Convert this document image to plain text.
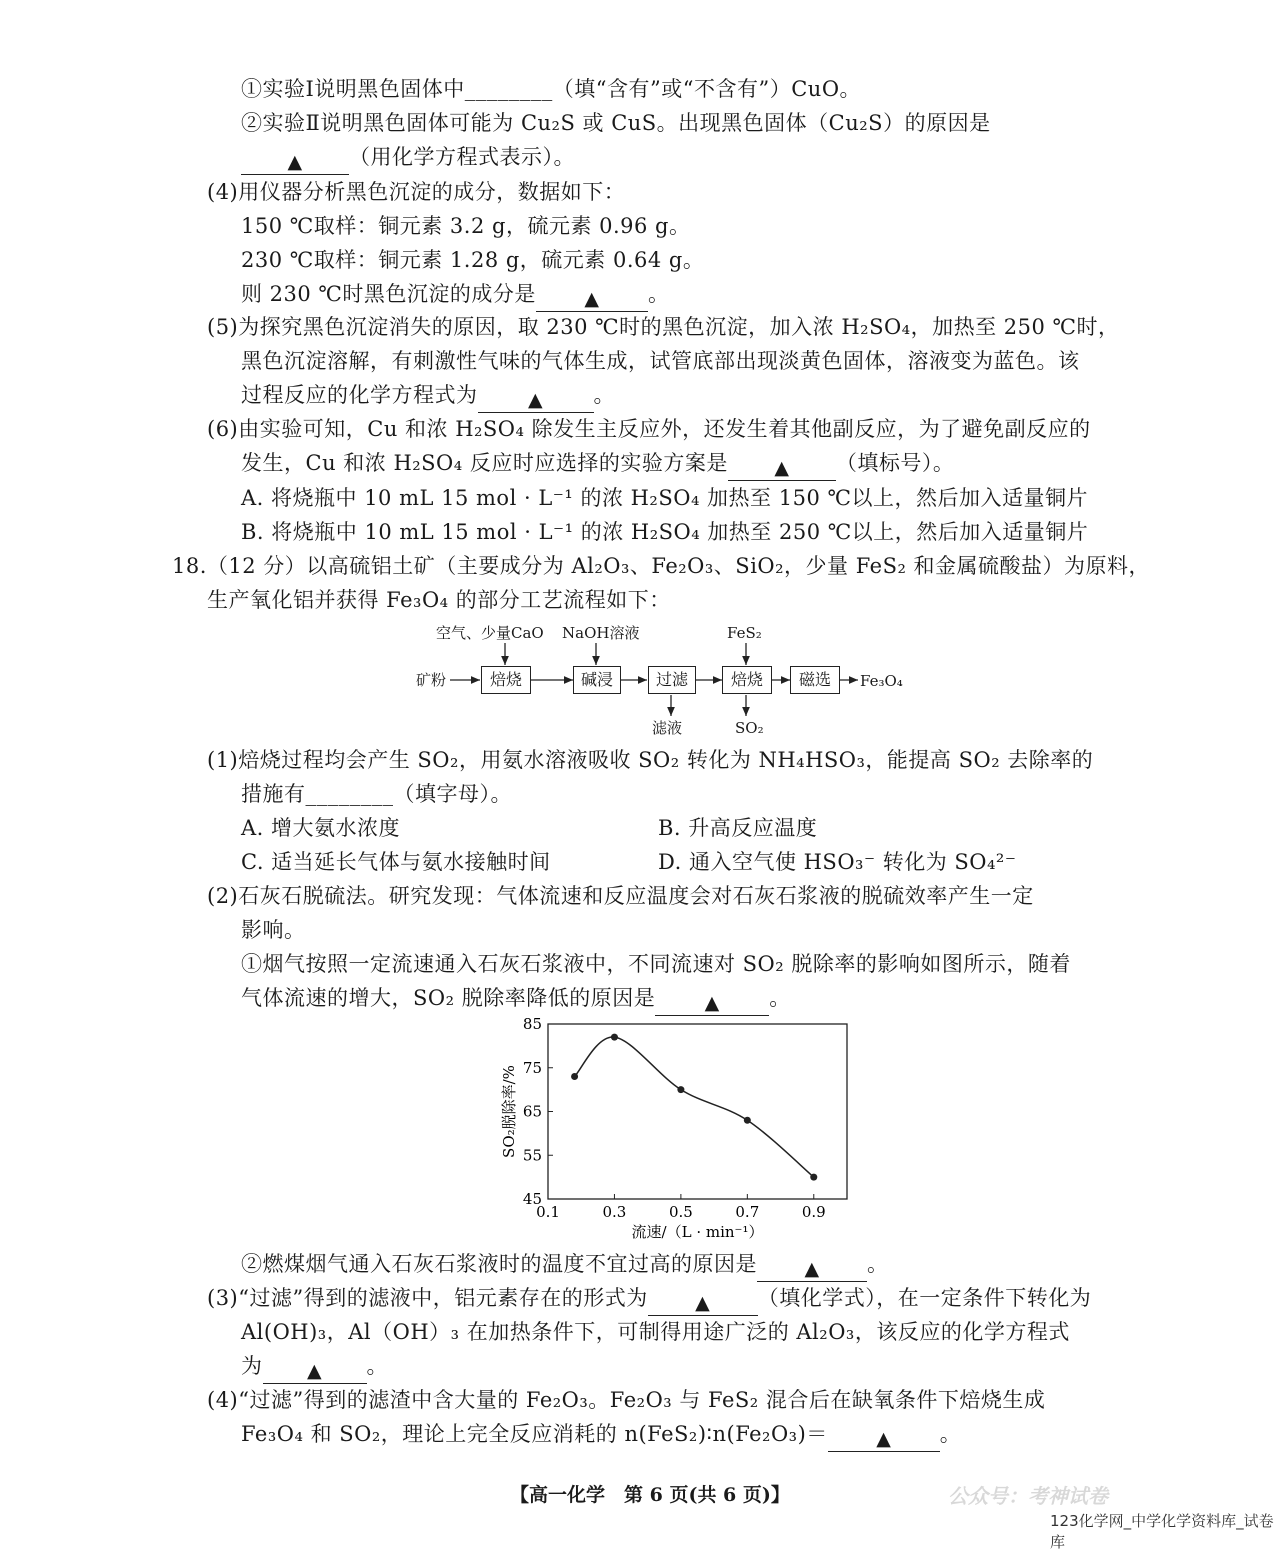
①实验Ⅰ说明黑色固体中________（填“含有”或“不含有”）CuO。
②实验Ⅱ说明黑色固体可能为 Cu₂S 或 CuS。出现黑色固体（Cu₂S）的原因是
▲ （用化学方程式表示）。
(4)用仪器分析黑色沉淀的成分，数据如下：
150 ℃取样：铜元素 3.2 g，硫元素 0.96 g。
230 ℃取样：铜元素 1.28 g，硫元素 0.64 g。
则 230 ℃时黑色沉淀的成分是	▲ 。
(5)为探究黑色沉淀消失的原因，取 230 ℃时的黑色沉淀，加入浓 H₂SO₄，加热至 250 ℃时，
黑色沉淀溶解，有刺激性气味的气体生成，试管底部出现淡黄色固体，溶液变为蓝色。该
过程反应的化学方程式为	▲ 。
(6)由实验可知，Cu 和浓 H₂SO₄ 除发生主反应外，还发生着其他副反应，为了避免副反应的
发生，Cu 和浓 H₂SO₄ 反应时应选择的实验方案是 ▲ （填标号）。
A. 将烧瓶中 10 mL 15 mol · L⁻¹ 的浓 H₂SO₄ 加热至 150 ℃以上，然后加入适量铜片
B. 将烧瓶中 10 mL 15 mol · L⁻¹ 的浓 H₂SO₄ 加热至 250 ℃以上，然后加入适量铜片
18.（12 分）以高硫铝土矿（主要成分为 Al₂O₃、Fe₂O₃、SiO₂，少量 FeS₂ 和金属硫酸盐）为原料，
生产氧化铝并获得 Fe₃O₄ 的部分工艺流程如下：
矿粉	焙烧	碱浸	过滤	焙烧	磁选	Fe₃O₄
空气、少量CaO NaOH溶液	FeS₂
滤液	SO₂
(1)焙烧过程均会产生 SO₂，用氨水溶液吸收 SO₂ 转化为 NH₄HSO₃，能提高 SO₂ 去除率的
措施有________（填字母）。
A. 增大氨水浓度	B. 升高反应温度
C. 适当延长气体与氨水接触时间	D. 通入空气使 HSO₃⁻ 转化为 SO₄²⁻
(2)石灰石脱硫法。研究发现：气体流速和反应温度会对石灰石浆液的脱硫效率产生一定
影响。
①烟气按照一定流速通入石灰石浆液中，不同流速对 SO₂ 脱除率的影响如图所示，随着
气体流速的增大，SO₂ 脱除率降低的原因是	▲ 。
45
55
65
75
85
0.1	0.3	0.5	0.7	0.9
流速/（L · min⁻¹）
SO₂脱除率/%
②燃煤烟气通入石灰石浆液时的温度不宜过高的原因是 ▲ 。
(3)“过滤”得到的滤液中，铝元素存在的形式为 ▲ （填化学式），在一定条件下转化为
Al(OH)₃，Al（OH）₃ 在加热条件下，可制得用途广泛的 Al₂O₃，该反应的化学方程式
为 ▲ 。
(4)“过滤”得到的滤渣中含大量的 Fe₂O₃。Fe₂O₃ 与 FeS₂ 混合后在缺氧条件下焙烧生成
Fe₃O₄ 和 SO₂，理论上完全反应消耗的 n(FeS₂)∶n(Fe₂O₃)＝	▲ 。
【高一化学　第 6 页(共 6 页)】	公众号：考神试卷
123化学网_中学化学资料库_试卷库
